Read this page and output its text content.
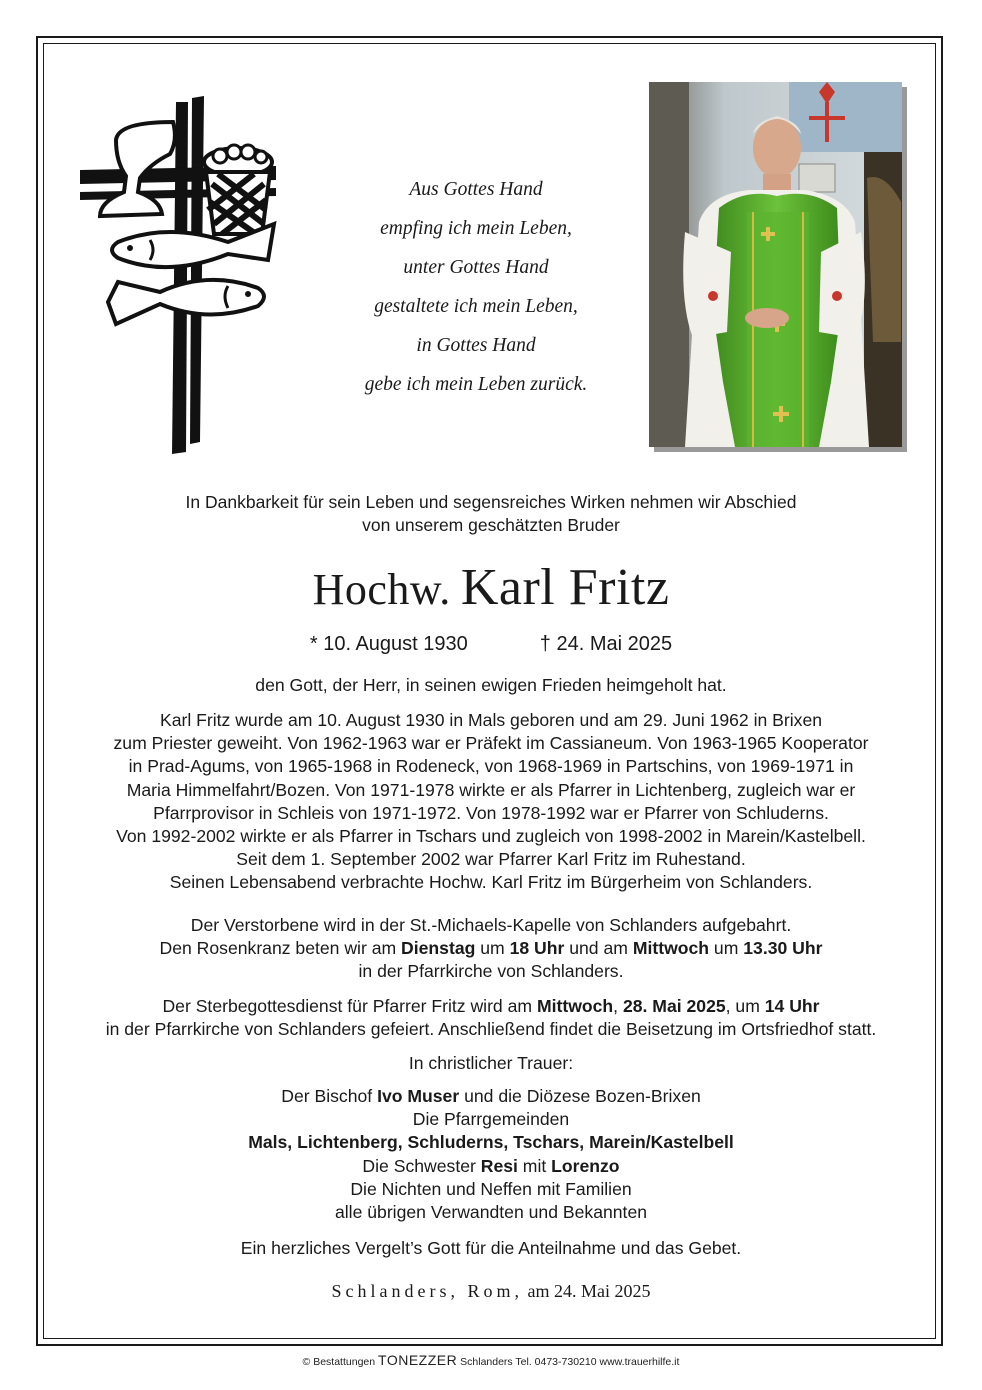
Aus Gottes Hand
empfing ich mein Leben,
unter Gottes Hand
gestaltete ich mein Leben,
in Gottes Hand
gebe ich mein Leben zurück.
In Dankbarkeit für sein Leben und segensreiches Wirken nehmen wir Abschied
von unserem geschätzten Bruder
Hochw. Karl Fritz
* 10. August 1930	† 24. Mai 2025
den Gott, der Herr, in seinen ewigen Frieden heimgeholt hat.
Karl Fritz wurde am 10. August 1930 in Mals geboren und am 29. Juni 1962 in Brixen
zum Priester geweiht. Von 1962-1963 war er Präfekt im Cassianeum. Von 1963-1965 Kooperator
in Prad-Agums, von 1965-1968 in Rodeneck, von 1968-1969 in Partschins, von 1969-1971 in
Maria Himmelfahrt/Bozen. Von 1971-1978 wirkte er als Pfarrer in Lichtenberg, zugleich war er
Pfarrprovisor in Schleis von 1971-1972. Von 1978-1992 war er Pfarrer von Schluderns.
Von 1992-2002 wirkte er als Pfarrer in Tschars und zugleich von 1998-2002 in Marein/Kastelbell.
Seit dem 1. September 2002 war Pfarrer Karl Fritz im Ruhestand.
Seinen Lebensabend verbrachte Hochw. Karl Fritz im Bürgerheim von Schlanders.
Der Verstorbene wird in der St.-Michaels-Kapelle von Schlanders aufgebahrt.
Den Rosenkranz beten wir am Dienstag um 18 Uhr und am Mittwoch um 13.30 Uhr
in der Pfarrkirche von Schlanders.
Der Sterbegottesdienst für Pfarrer Fritz wird am Mittwoch, 28. Mai 2025, um 14 Uhr
in der Pfarrkirche von Schlanders gefeiert. Anschließend findet die Beisetzung im Ortsfriedhof statt.
In christlicher Trauer:
Der Bischof Ivo Muser und die Diözese Bozen-Brixen
Die Pfarrgemeinden
Mals, Lichtenberg, Schluderns, Tschars, Marein/Kastelbell
Die Schwester Resi mit Lorenzo
Die Nichten und Neffen mit Familien
alle übrigen Verwandten und Bekannten
Ein herzliches Vergelt’s Gott für die Anteilnahme und das Gebet.
Schlanders, Rom, am 24. Mai 2025
© Bestattungen TONEZZER Schlanders Tel. 0473-730210 www.trauerhilfe.it
